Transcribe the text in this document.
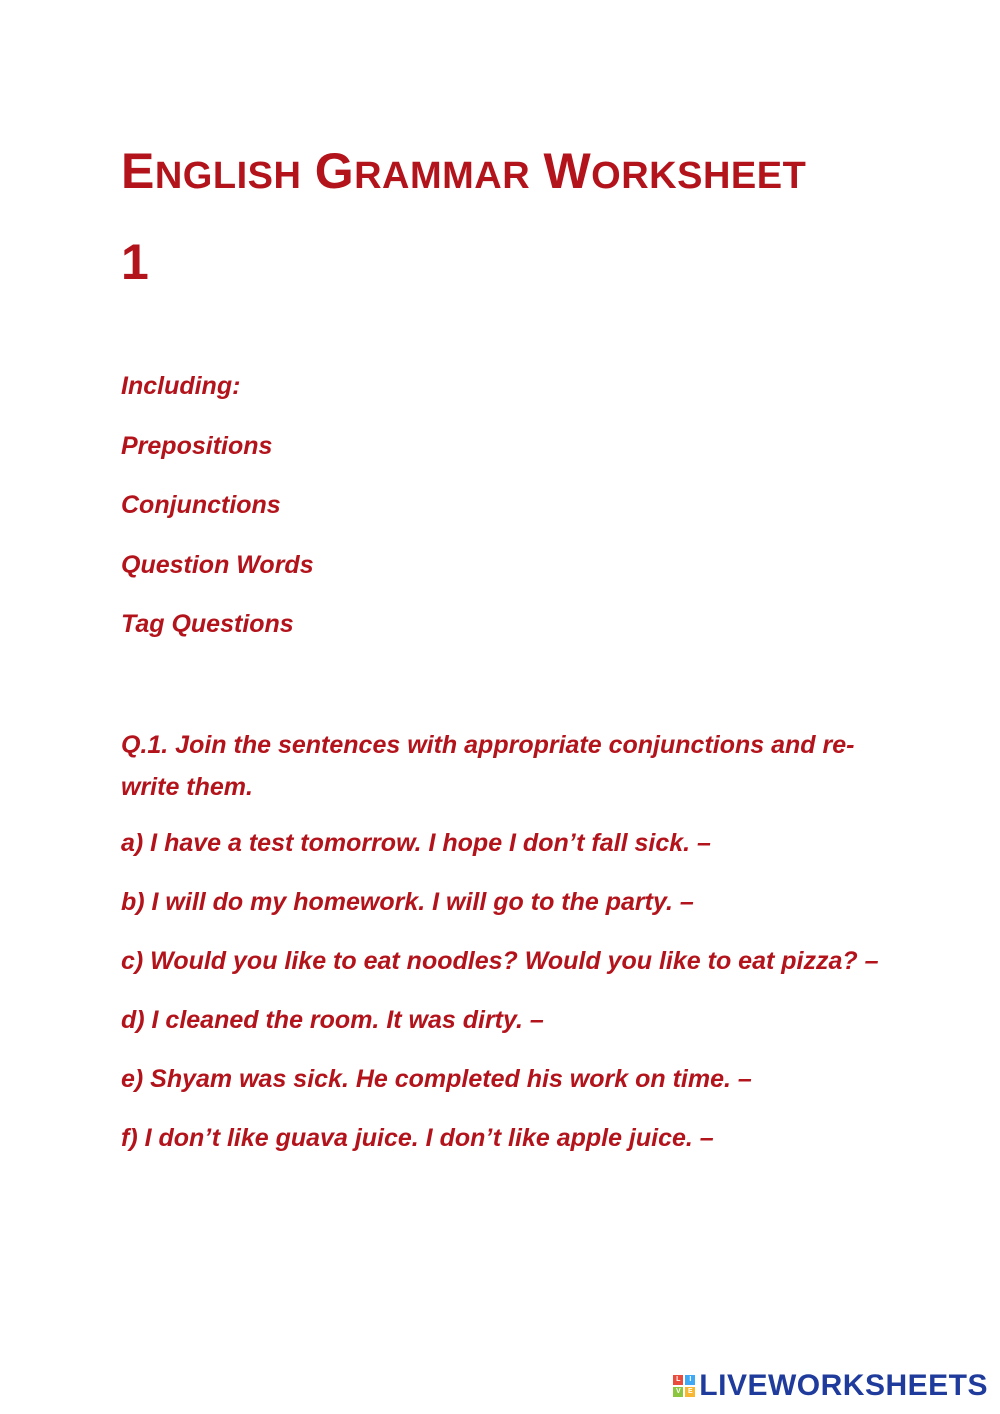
ENGLISH GRAMMAR WORKSHEET
1
Including:
Prepositions
Conjunctions
Question Words
Tag Questions

Q.1. Join the sentences with appropriate conjunctions and re-write them.

a) I have a test tomorrow. I hope I don’t fall sick. –

b) I will do my homework. I will go to the party. –

c) Would you like to eat noodles? Would you like to eat pizza? –

d) I cleaned the room. It was dirty. –

e) Shyam was sick. He completed his work on time. –

f) I don’t like guava juice. I don’t like apple juice. –

L	I
V	E LIVEWORKSHEETS
